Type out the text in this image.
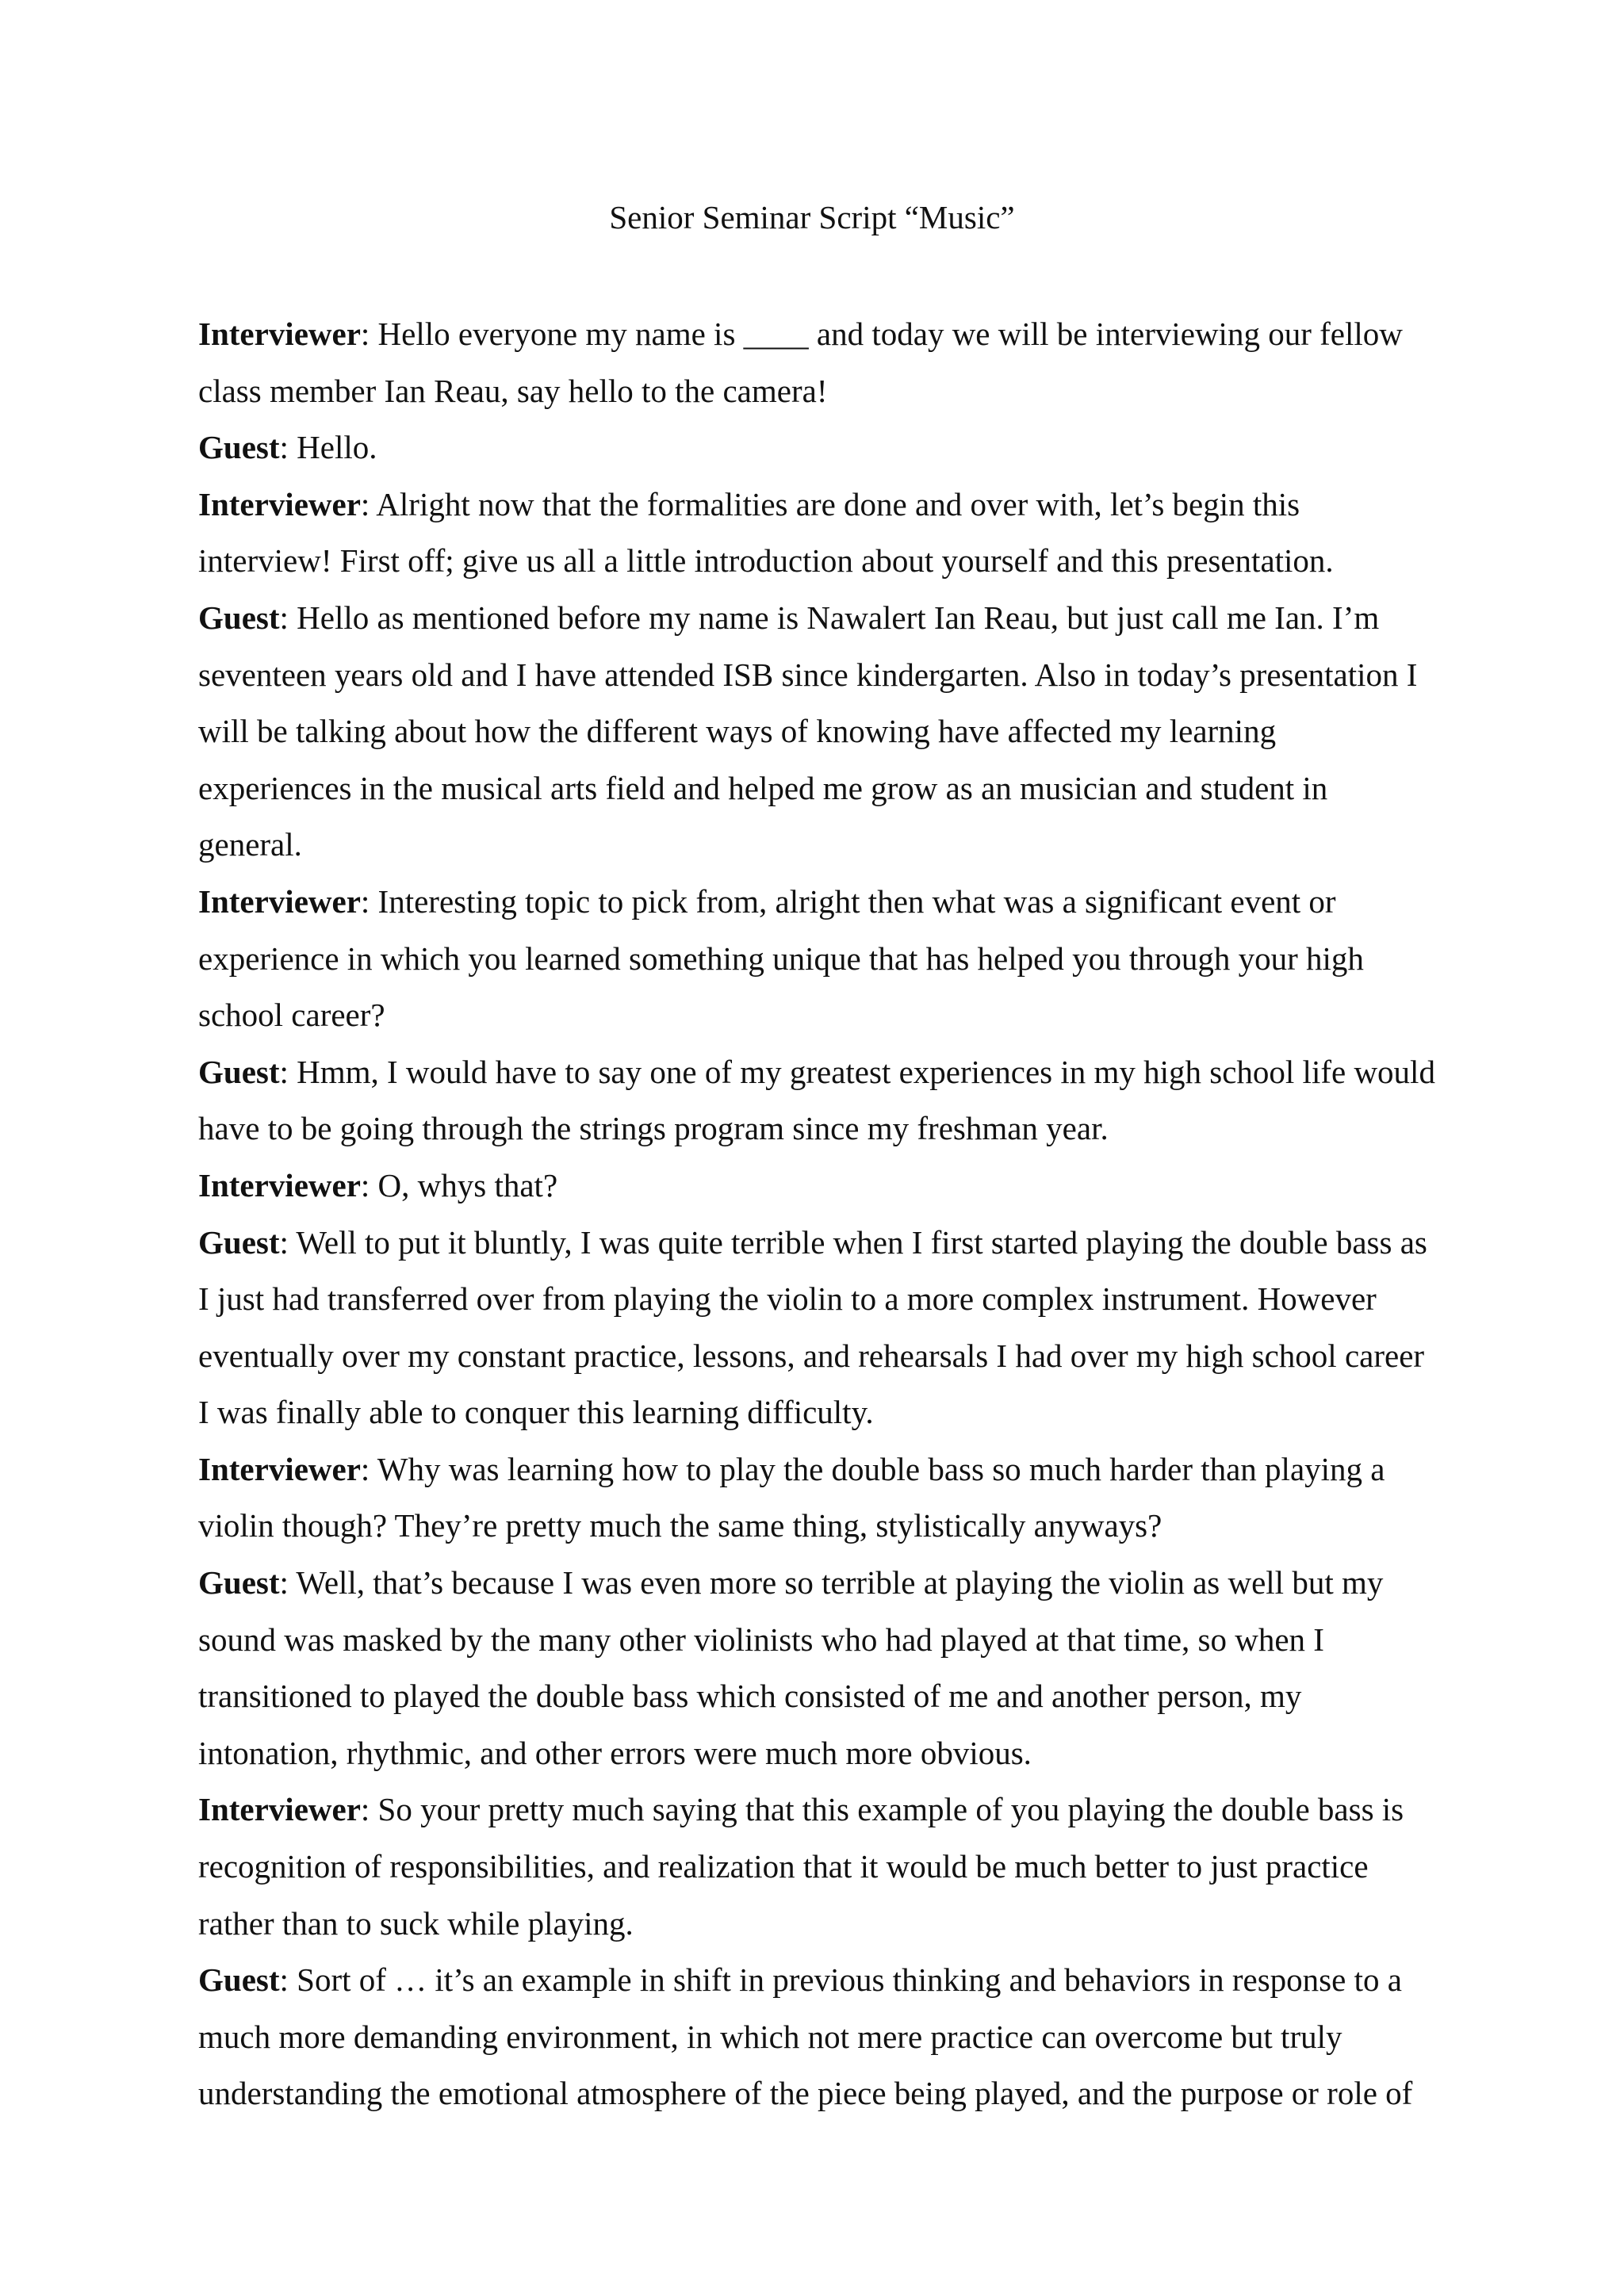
Senior Seminar Script “Music”

Interviewer: Hello everyone my name is ____ and today we will be interviewing our fellow class member Ian Reau, say hello to the camera!

Guest: Hello.

Interviewer: Alright now that the formalities are done and over with, let’s begin this interview! First off; give us all a little introduction about yourself and this presentation.

Guest: Hello as mentioned before my name is Nawalert Ian Reau, but just call me Ian. I’m seventeen years old and I have attended ISB since kindergarten. Also in today’s presentation I will be talking about how the different ways of knowing have affected my learning experiences in the musical arts field and helped me grow as an musician and student in general.

Interviewer: Interesting topic to pick from, alright then what was a significant event or experience in which you learned something unique that has helped you through your high school career?

Guest: Hmm, I would have to say one of my greatest experiences in my high school life would have to be going through the strings program since my freshman year.

Interviewer: O, whys that?

Guest: Well to put it bluntly, I was quite terrible when I first started playing the double bass as I just had transferred over from playing the violin to a more complex instrument. However eventually over my constant practice, lessons, and rehearsals I had over my high school career I was finally able to conquer this learning difficulty.

Interviewer: Why was learning how to play the double bass so much harder than playing a violin though? They’re pretty much the same thing, stylistically anyways?

Guest: Well, that’s because I was even more so terrible at playing the violin as well but my sound was masked by the many other violinists who had played at that time, so when I transitioned to played the double bass which consisted of me and another person, my intonation, rhythmic, and other errors were much more obvious.

Interviewer: So your pretty much saying that this example of you playing the double bass is recognition of responsibilities, and realization that it would be much better to just practice rather than to suck while playing.

Guest: Sort of … it’s an example in shift in previous thinking and behaviors in response to a much more demanding environment, in which not mere practice can overcome but truly understanding the emotional atmosphere of the piece being played, and the purpose or role of
